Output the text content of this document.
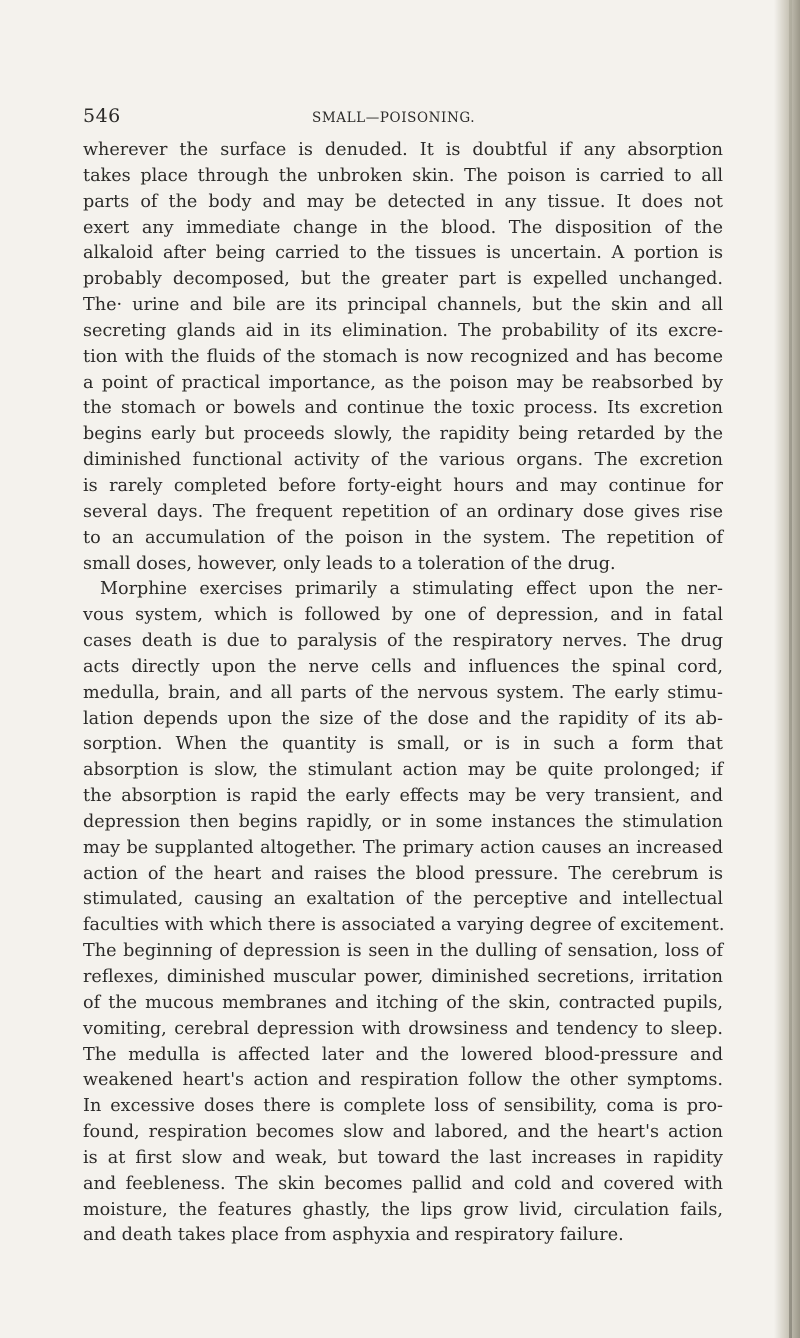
546	SMALL—POISONING.
wherever the surface is denuded. It is doubtful if any absorption
takes place through the unbroken skin. The poison is carried to all
parts of the body and may be detected in any tissue. It does not
exert any immediate change in the blood. The disposition of the
alkaloid after being carried to the tissues is uncertain. A portion is
probably decomposed, but the greater part is expelled unchanged.
The· urine and bile are its principal channels, but the skin and all
secreting glands aid in its elimination. The probability of its excre-
tion with the fluids of the stomach is now recognized and has become
a point of practical importance, as the poison may be reabsorbed by
the stomach or bowels and continue the toxic process. Its excretion
begins early but proceeds slowly, the rapidity being retarded by the
diminished functional activity of the various organs. The excretion
is rarely completed before forty-eight hours and may continue for
several days. The frequent repetition of an ordinary dose gives rise
to an accumulation of the poison in the system. The repetition of
small doses, however, only leads to a toleration of the drug.
Morphine exercises primarily a stimulating effect upon the ner-
vous system, which is followed by one of depression, and in fatal
cases death is due to paralysis of the respiratory nerves. The drug
acts directly upon the nerve cells and influences the spinal cord,
medulla, brain, and all parts of the nervous system. The early stimu-
lation depends upon the size of the dose and the rapidity of its ab-
sorption. When the quantity is small, or is in such a form that
absorption is slow, the stimulant action may be quite prolonged; if
the absorption is rapid the early effects may be very transient, and
depression then begins rapidly, or in some instances the stimulation
may be supplanted altogether. The primary action causes an increased
action of the heart and raises the blood pressure. The cerebrum is
stimulated, causing an exaltation of the perceptive and intellectual
faculties with which there is associated a varying degree of excitement.
The beginning of depression is seen in the dulling of sensation, loss of
reflexes, diminished muscular power, diminished secretions, irritation
of the mucous membranes and itching of the skin, contracted pupils,
vomiting, cerebral depression with drowsiness and tendency to sleep.
The medulla is affected later and the lowered blood-pressure and
weakened heart's action and respiration follow the other symptoms.
In excessive doses there is complete loss of sensibility, coma is pro-
found, respiration becomes slow and labored, and the heart's action
is at first slow and weak, but toward the last increases in rapidity
and feebleness. The skin becomes pallid and cold and covered with
moisture, the features ghastly, the lips grow livid, circulation fails,
and death takes place from asphyxia and respiratory failure.
